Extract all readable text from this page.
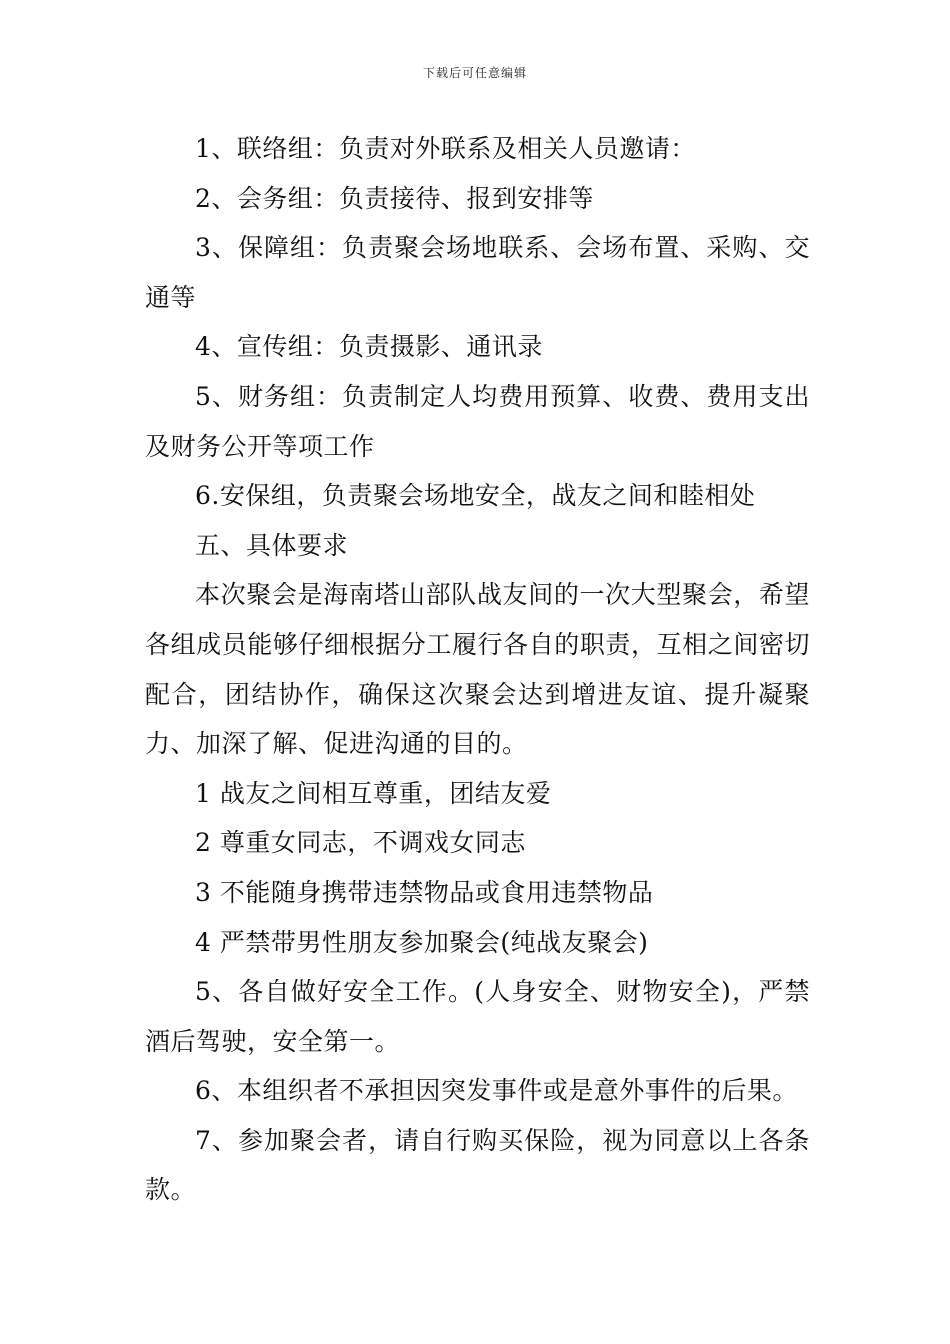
下载后可任意编辑

1、联络组：负责对外联系及相关人员邀请：

2、会务组：负责接待、报到安排等

3、保障组：负责聚会场地联系、会场布置、采购、交通等

4、宣传组：负责摄影、通讯录

5、财务组：负责制定人均费用预算、收费、费用支出及财务公开等项工作

6.安保组，负责聚会场地安全，战友之间和睦相处

五、具体要求

本次聚会是海南塔山部队战友间的一次大型聚会，希望各组成员能够仔细根据分工履行各自的职责，互相之间密切配合，团结协作，确保这次聚会达到增进友谊、提升凝聚力、加深了解、促进沟通的目的。

1 战友之间相互尊重，团结友爱

2 尊重女同志，不调戏女同志

3 不能随身携带违禁物品或食用违禁物品

4 严禁带男性朋友参加聚会(纯战友聚会)

5、各自做好安全工作。(人身安全、财物安全)，严禁酒后驾驶，安全第一。

6、本组织者不承担因突发事件或是意外事件的后果。

7、参加聚会者，请自行购买保险，视为同意以上各条款。
